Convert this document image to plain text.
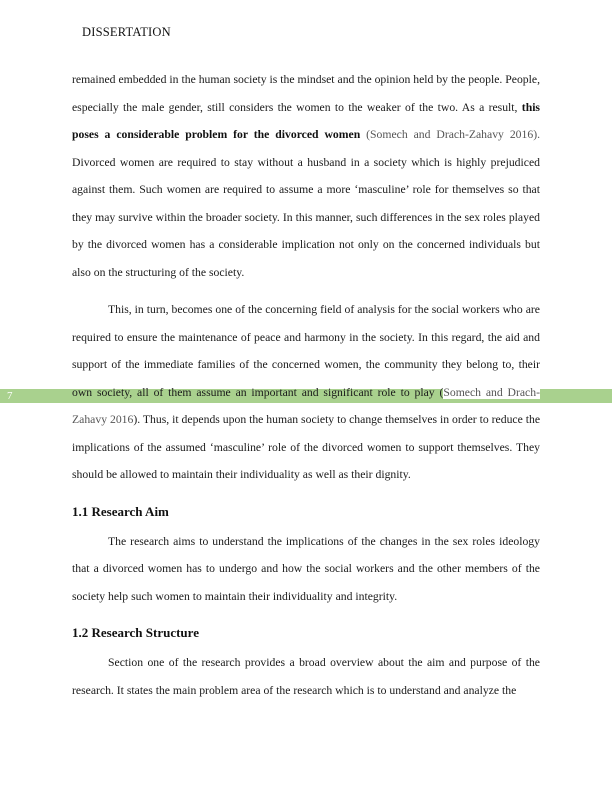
DISSERTATION
7

remained embedded in the human society is the mindset and the opinion held by the people. People, especially the male gender, still considers the women to the weaker of the two. As a result, this poses a considerable problem for the divorced women (Somech and Drach-Zahavy 2016). Divorced women are required to stay without a husband in a society which is highly prejudiced against them. Such women are required to assume a more ‘masculine’ role for themselves so that they may survive within the broader society. In this manner, such differences in the sex roles played by the divorced women has a considerable implication not only on the concerned individuals but also on the structuring of the society.

This, in turn, becomes one of the concerning field of analysis for the social workers who are required to ensure the maintenance of peace and harmony in the society. In this regard, the aid and support of the immediate families of the concerned women, the community they belong to, their own society, all of them assume an important and significant role to play (Somech and Drach-Zahavy 2016). Thus, it depends upon the human society to change themselves in order to reduce the implications of the assumed ‘masculine’ role of the divorced women to support themselves. They should be allowed to maintain their individuality as well as their dignity.

1.1 Research Aim

The research aims to understand the implications of the changes in the sex roles ideology that a divorced women has to undergo and how the social workers and the other members of the society help such women to maintain their individuality and integrity.

1.2 Research Structure

Section one of the research provides a broad overview about the aim and purpose of the research. It states the main problem area of the research which is to understand and analyze the
